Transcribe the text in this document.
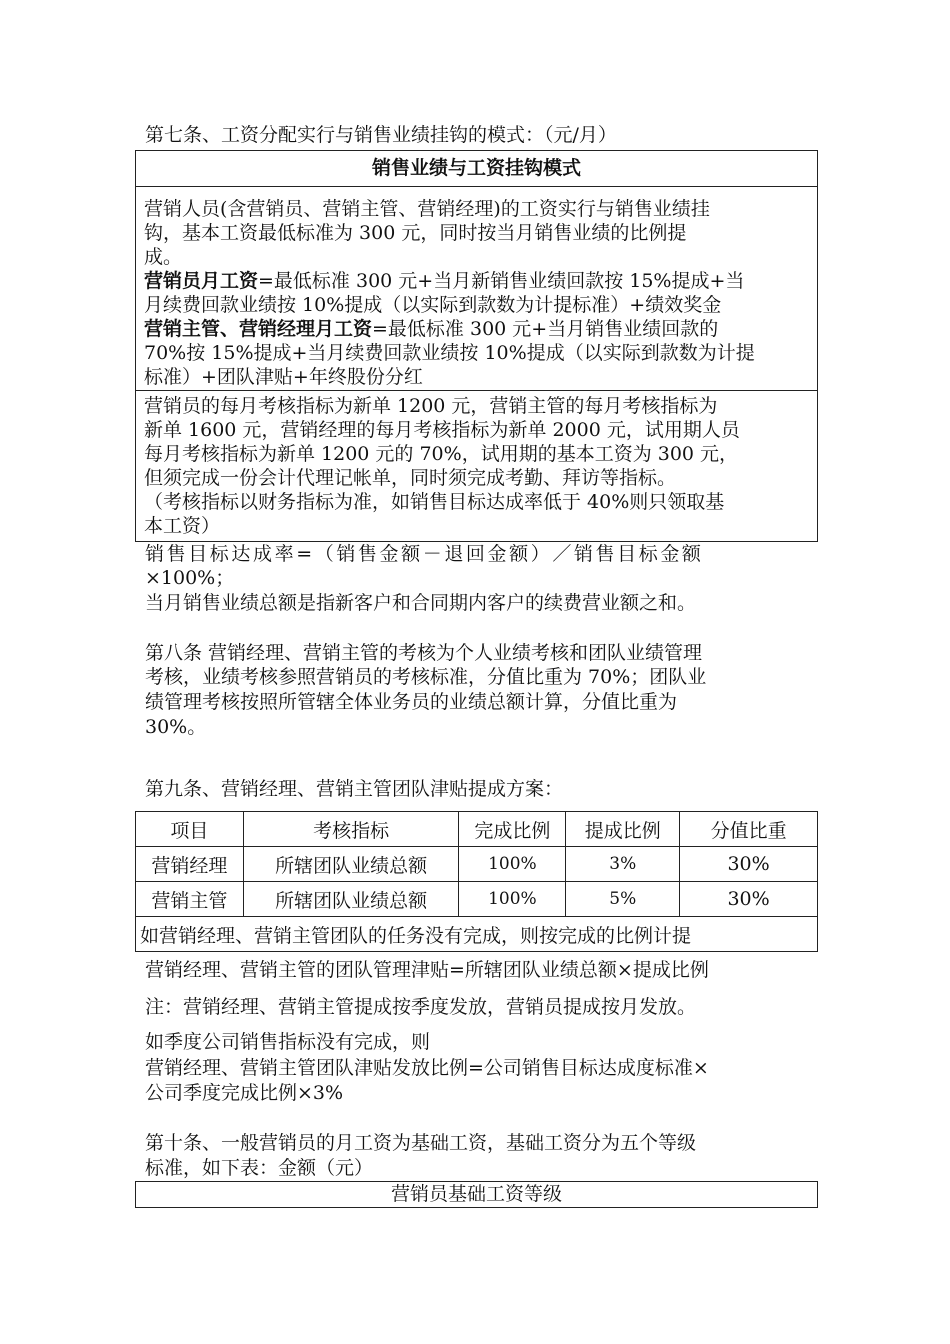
第七条、工资分配实行与销售业绩挂钩的模式：（元/月）
销售业绩与工资挂钩模式
营销人员(含营销员、营销主管、营销经理)的工资实行与销售业绩挂
钩，基本工资最低标准为 300 元，同时按当月销售业绩的比例提
成。
营销员月工资=最低标准 300 元+当月新销售业绩回款按 15%提成+当
月续费回款业绩按 10%提成（以实际到款数为计提标准）+绩效奖金
营销主管、营销经理月工资=最低标准 300 元+当月销售业绩回款的
70%按 15%提成+当月续费回款业绩按 10%提成（以实际到款数为计提
标准）+团队津贴+年终股份分红
营销员的每月考核指标为新单 1200 元，营销主管的每月考核指标为
新单 1600 元，营销经理的每月考核指标为新单 2000 元，试用期人员
每月考核指标为新单 1200 元的 70%，试用期的基本工资为 300 元，
但须完成一份会计代理记帐单，同时须完成考勤、拜访等指标。
（考核指标以财务指标为准，如销售目标达成率低于 40%则只领取基
本工资）
销售目标达成率=（销售金额－退回金额）／销售目标金额
×100%；
当月销售业绩总额是指新客户和合同期内客户的续费营业额之和。
第八条 营销经理、营销主管的考核为个人业绩考核和团队业绩管理
考核，业绩考核参照营销员的考核标准，分值比重为 70%；团队业
绩管理考核按照所管辖全体业务员的业绩总额计算，分值比重为
30%。
第九条、营销经理、营销主管团队津贴提成方案：
项目	考核指标	完成比例	提成比例	分值比重
营销经理	所辖团队业绩总额	100%	3%	30%
营销主管	所辖团队业绩总额	100%	5%	30%
如营销经理、营销主管团队的任务没有完成，则按完成的比例计提				
营销经理、营销主管的团队管理津贴=所辖团队业绩总额×提成比例
注：营销经理、营销主管提成按季度发放，营销员提成按月发放。
如季度公司销售指标没有完成，则
营销经理、营销主管团队津贴发放比例=公司销售目标达成度标准×
公司季度完成比例×3%
第十条、一般营销员的月工资为基础工资，基础工资分为五个等级
标准，如下表：金额（元）
营销员基础工资等级
